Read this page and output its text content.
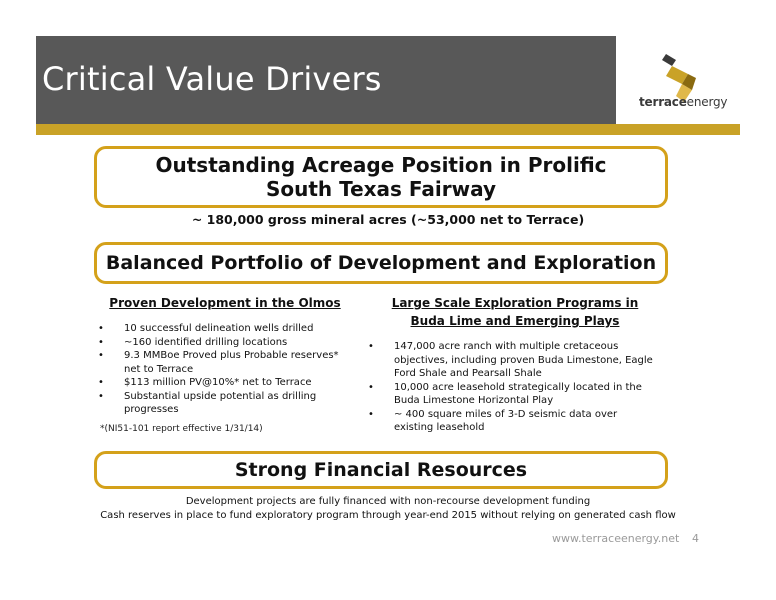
Critical Value Drivers
terraceenergy
Outstanding Acreage Position in Prolific
South Texas Fairway
~ 180,000 gross mineral acres (~53,000 net to Terrace)
Balanced Portfolio of Development and Exploration
Proven Development in the Olmos
• 10 successful delineation wells drilled
• ~160 identified drilling locations
• 9.3 MMBoe Proved plus Probable reserves* net to Terrace
• $113 million PV@10%* net to Terrace
• Substantial upside potential as drilling progresses
*(NI51-101 report effective 1/31/14)
Large Scale Exploration Programs in
Buda Lime and Emerging Plays
• 147,000 acre ranch with multiple cretaceous objectives, including proven Buda Limestone, Eagle Ford Shale and Pearsall Shale
• 10,000 acre leasehold strategically located in the Buda Limestone Horizontal Play
• ~ 400 square miles of 3-D seismic data over existing leasehold
Strong Financial Resources
Development projects are fully financed with non-recourse development funding
Cash reserves in place to fund exploratory program through year-end 2015 without relying on generated cash flow
www.terraceenergy.net 4
